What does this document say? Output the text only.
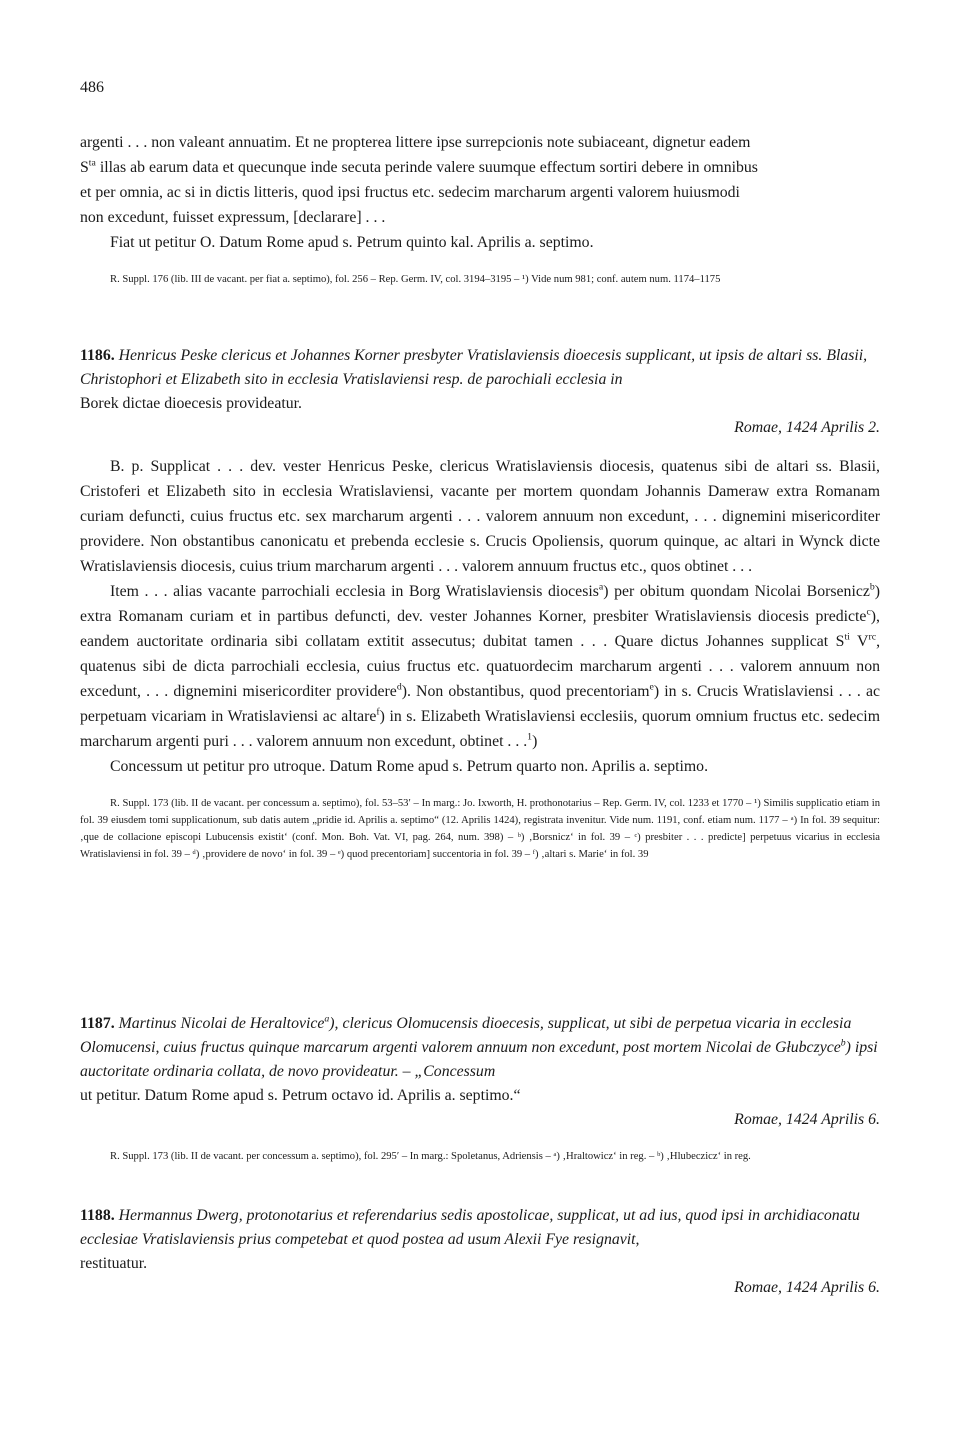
486

argenti . . . non valeant annuatim. Et ne propterea littere ipse surrepcionis note subiaceant, dignetur eadem

$S^{ta}$ illas ab earum data et quecunque inde secuta perinde valere suumque effectum sortiri debere in omnibus

et per omnia, ac si in dictis litteris, quod ipsi fructus etc. sedecim marcharum argenti valorem huiusmodi

non excedunt, fuisset expressum, [declarare] . . .

Fiat ut petitur O. Datum Rome apud s. Petrum quinto kal. Aprilis a. septimo.

R. Suppl. 176 (lib. III de vacant. per fiat a. septimo), fol. 256 – Rep. Germ. IV, col. 3194–3195 – ¹) Vide num 981; conf. autem num. 1174–1175
1186. Henricus Peske clericus et Johannes Korner presbyter Vratislaviensis dioecesis supplicant, ut ipsis de altari ss. Blasii, Christophori et Elizabeth sito in ecclesia Vratislaviensi resp. de parochiali ecclesia in
Borek dictae dioecesis provideatur.
Romae, 1424 Aprilis 2.

B. p. Supplicat . . . dev. vester Henricus Peske, clericus Wratislaviensis diocesis, quatenus sibi de altari ss. Blasii, Cristoferi et Elizabeth sito in ecclesia Wratislaviensi, vacante per mortem quondam Johannis Dameraw extra Romanam curiam defuncti, cuius fructus etc. sex marcharum argenti . . . valorem annuum non excedunt, . . . dignemini misericorditer providere. Non obstantibus canonicatu et prebenda ecclesie s. Crucis Opoliensis, quorum quinque, ac altari in Wynck dicte Wratislaviensis diocesis, cuius trium marcharum argenti . . . valorem annuum fructus etc., quos obtinet . . .

Item . . . alias vacante parrochiali ecclesia in Borg Wratislaviensis diocesis$^a$) per obitum quondam Nicolai Borsenicz$^b$) extra Romanam curiam et in partibus defuncti, dev. vester Johannes Korner, presbiter Wratislaviensis diocesis predicte$^c$), eandem auctoritate ordinaria sibi collatam extitit assecutus; dubitat tamen . . . Quare dictus Johannes supplicat $S^{ti}$ $V^{rc}$, quatenus sibi de dicta parrochiali ecclesia, cuius fructus etc. quatuordecim marcharum argenti . . . valorem annuum non excedunt, . . . dignemini misericorditer providere$^d$). Non obstantibus, quod precentoriam$^e$) in s. Crucis Wratislaviensi . . . ac perpetuam vicariam in Wratislaviensi ac altare$^f$) in s. Elizabeth Wratislaviensi ecclesiis, quorum omnium fructus etc. sedecim marcharum argenti puri . . . valorem annuum non excedunt, obtinet . . .$^1$)

Concessum ut petitur pro utroque. Datum Rome apud s. Petrum quarto non. Aprilis a. septimo.

R. Suppl. 173 (lib. II de vacant. per concessum a. septimo), fol. 53–53ʹ – In marg.: Jo. Ixworth, H. prothonotarius – Rep. Germ. IV, col. 1233 et 1770 – ¹) Similis supplicatio etiam in fol. 39 eiusdem tomi supplicationum, sub datis autem „pridie id. Aprilis a. septimo“ (12. Aprilis 1424), registrata invenitur. Vide num. 1191, conf. etiam num. 1177 – ᵃ) In fol. 39 sequitur: ‚que de collacione episcopi Lubucensis existit‘ (conf. Mon. Boh. Vat. VI, pag. 264, num. 398) – ᵇ) ‚Borsnicz‘ in fol. 39 – ᶜ) presbiter . . . predicte] perpetuus vicarius in ecclesia Wratislaviensi in fol. 39 – ᵈ) ‚providere de novo‘ in fol. 39 – ᵉ) quod precentoriam] succentoria in fol. 39 – ᶠ) ‚altari s. Marie‘ in fol. 39
1187. Martinus Nicolai de Heraltovice$^a$), clericus Olomucensis dioecesis, supplicat, ut sibi de perpetua vicaria in ecclesia Olomucensi, cuius fructus quinque marcarum argenti valorem annuum non excedunt, post mortem Nicolai de Głubczyce$^b$) ipsi auctoritate ordinaria collata, de novo provideatur. – „Concessum
ut petitur. Datum Rome apud s. Petrum octavo id. Aprilis a. septimo.“
Romae, 1424 Aprilis 6.
R. Suppl. 173 (lib. II de vacant. per concessum a. septimo), fol. 295ʹ – In marg.: Spoletanus, Adriensis – ᵃ) ‚Hraltowicz‘ in reg. – ᵇ) ‚Hlubeczicz‘ in reg.
1188. Hermannus Dwerg, protonotarius et referendarius sedis apostolicae, supplicat, ut ad ius, quod ipsi in archidiaconatu ecclesiae Vratislaviensis prius competebat et quod postea ad usum Alexii Fye resignavit,
restituatur.
Romae, 1424 Aprilis 6.
